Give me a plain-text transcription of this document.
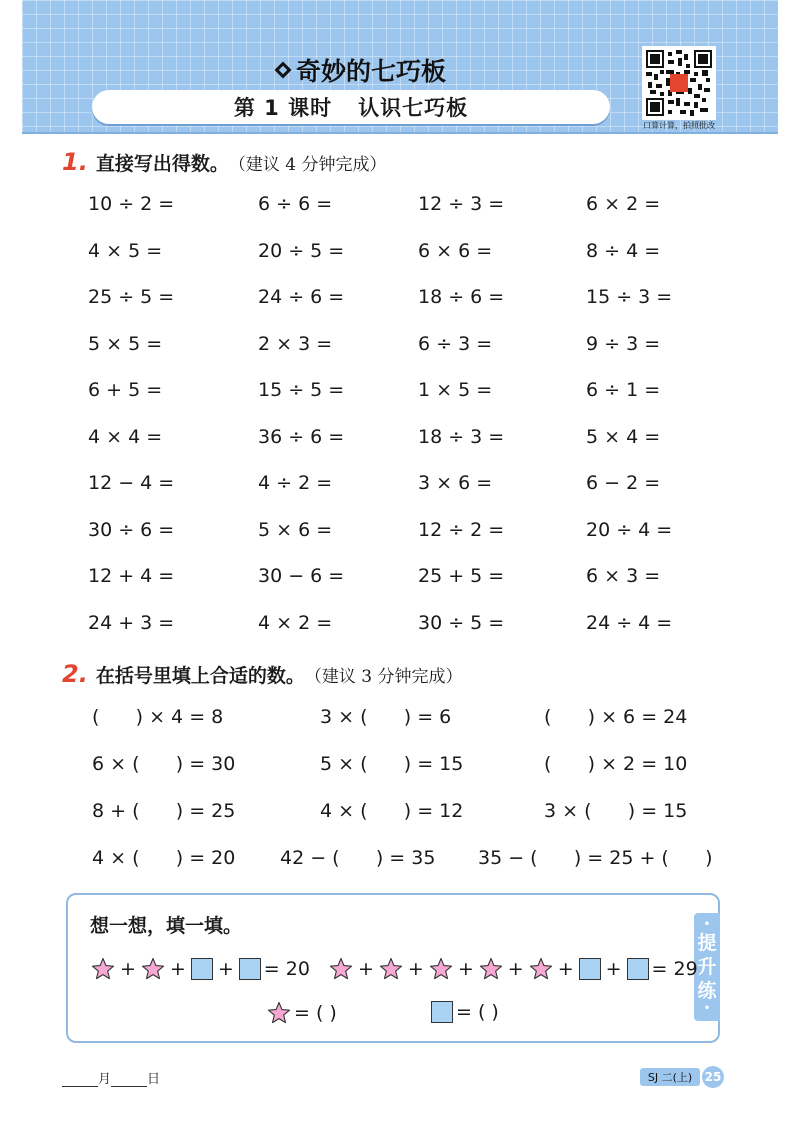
奇妙的七巧板
第 1 课时 认识七巧板
口算计算，拍照批改
1. 直接写出得数。 （建议 4 分钟完成）
10 ÷ 2 =	6 ÷ 6 =	12 ÷ 3 =	6 × 2 =
4 × 5 =	20 ÷ 5 =	6 × 6 =	8 ÷ 4 =
25 ÷ 5 =	24 ÷ 6 =	18 ÷ 6 =	15 ÷ 3 =
5 × 5 =	2 × 3 =	6 ÷ 3 =	9 ÷ 3 =
6 + 5 =	15 ÷ 5 =	1 × 5 =	6 ÷ 1 =
4 × 4 =	36 ÷ 6 =	18 ÷ 3 =	5 × 4 =
12 − 4 =	4 ÷ 2 =	3 × 6 =	6 − 2 =
30 ÷ 6 =	5 × 6 =	12 ÷ 2 =	20 ÷ 4 =
12 + 4 =	30 − 6 =	25 + 5 =	6 × 3 =
24 + 3 =	4 × 2 =	30 ÷ 5 =	24 ÷ 4 =
2. 在括号里填上合适的数。 （建议 3 分钟完成）
(      ) × 4 = 8	3 × (      ) = 6	(      ) × 6 = 24
6 × (      ) = 30	5 × (      ) = 15	(      ) × 2 = 10
8 + (      ) = 25	4 × (      ) = 12	3 × (      ) = 15
4 × (      ) = 20 42 − (      ) = 35 35 − (      ) = 25 + (      )
想一想，填一填。	•
提
升
练
•
+ + + = 20	+ + + + + + = 29
= ( )	= ( )
月	日	SJ 二(上)	25
